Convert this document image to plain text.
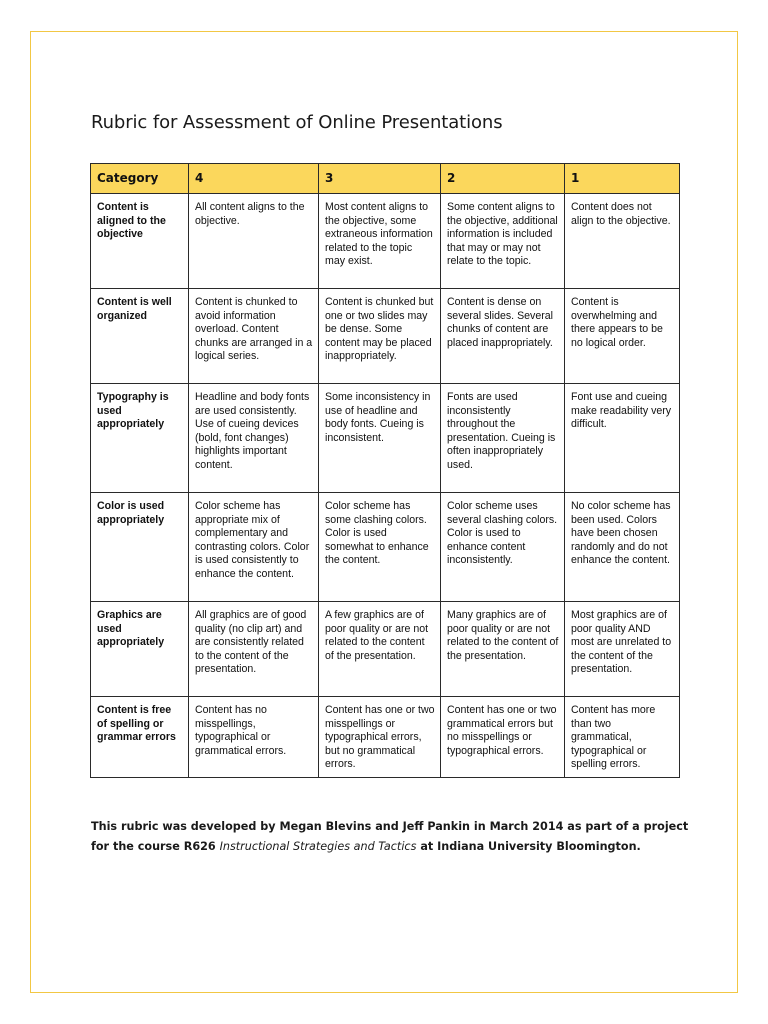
Rubric for Assessment of Online Presentations
Category	4	3	2	1
Content is aligned to the objective	All content aligns to the objective.	Most content aligns to the objective, some extraneous information related to the topic may exist.	Some content aligns to the objective, additional information is included that may or may not relate to the topic.	Content does not align to the objective.
Content is well organized	Content is chunked to avoid information overload. Content chunks are arranged in a logical series.	Content is chunked but one or two slides may be dense. Some content may be placed inappropriately.	Content is dense on several slides. Several chunks of content are placed inappropriately.	Content is overwhelming and there appears to be no logical order.
Typography is used appropriately	Headline and body fonts are used consistently. Use of cueing devices (bold, font changes) highlights important content.	Some inconsistency in use of headline and body fonts. Cueing is inconsistent.	Fonts are used inconsistently throughout the presentation. Cueing is often inappropriately used.	Font use and cueing make readability very difficult.
Color is used appropriately	Color scheme has appropriate mix of complementary and contrasting colors. Color is used consistently to enhance the content.	Color scheme has some clashing colors. Color is used somewhat to enhance the content.	Color scheme uses several clashing colors. Color is used to enhance content inconsistently.	No color scheme has been used. Colors have been chosen randomly and do not enhance the content.
Graphics are used appropriately	All graphics are of good quality (no clip art) and are consistently related to the content of the presentation.	A few graphics are of poor quality or are not related to the content of the presentation.	Many graphics are of poor quality or are not related to the content of the presentation.	Most graphics are of poor quality AND most are unrelated to the content of the presentation.
Content is free of spelling or grammar errors	Content has no misspellings, typographical or grammatical errors.	Content has one or two misspellings or typographical errors, but no grammatical errors.	Content has one or two grammatical errors but no misspellings or typographical errors.	Content has more than two grammatical, typographical or spelling errors.

This rubric was developed by Megan Blevins and Jeff Pankin in March 2014 as part of a project for the course R626 Instructional Strategies and Tactics at Indiana University Bloomington.
